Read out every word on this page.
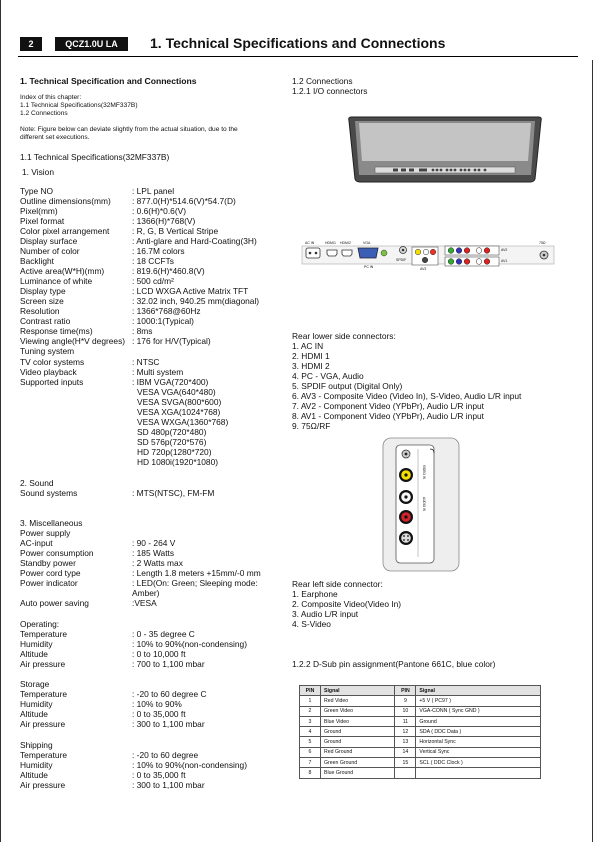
2	QCZ1.0U LA	1. Technical Specifications and Connections
1. Technical Specification and Connections
Index of this chapter:
1.1 Technical Specifications(32MF337B)
1.2 Connections
Note: Figure below can deviate slightly from the actual situation, due to the
different set executions.
1.1 Technical Specifications(32MF337B)
1. Vision
Type NO	: LPL panel
Outline dimensions(mm)	: 877.0(H)*514.6(V)*54.7(D)
Pixel(mm)	: 0.6(H)*0.6(V)
Pixel format	: 1366(H)*768(V)
Color pixel arrangement	: R, G, B Vertical Stripe
Display surface	: Anti-glare and Hard-Coating(3H)
Number of color	: 16.7M colors
Backlight	: 18 CCFTs
Active area(W*H)(mm)	: 819.6(H)*460.8(V)
Luminance of white	: 500 cd/m²
Display type	: LCD WXGA Active Matrix TFT
Screen size	: 32.02 inch, 940.25 mm(diagonal)
Resolution	: 1366*768@60Hz
Contrast ratio	: 1000:1(Typical)
Response time(ms)	: 8ms
Viewing angle(H*V degrees) : 176 for H/V(Typical)
Tuning system
TV color systems	: NTSC
Video playback	: Multi system
Supported inputs	: IBM VGA(720*400)
VESA VGA(640*480)
VESA SVGA(800*600)
VESA XGA(1024*768)
VESA WXGA(1360*768)
SD 480p(720*480)
SD 576p(720*576)
HD 720p(1280*720)
HD 1080i(1920*1080)
2. Sound
Sound systems	: MTS(NTSC), FM-FM
3. Miscellaneous
Power supply
AC-input	: 90 - 264 V
Power consumption	: 185 Watts
Standby power	: 2 Watts max
Power cord type	: Length 1.8 meters +15mm/-0 mm
Power indicator	: LED(On: Green; Sleeping mode:
Amber)
Auto power saving	:VESA
Operating:
Temperature	: 0 - 35 degree C
Humidity	: 10% to 90%(non-condensing)
Altitude	: 0 to 10,000 ft
Air pressure	: 700 to 1,100 mbar
Storage
Temperature	: -20 to 60 degree C
Humidity	: 10% to 90%
Altitude	: 0 to 35,000 ft
Air pressure	: 300 to 1,100 mbar
Shipping
Temperature	: -20 to 60 degree
Humidity	: 10% to 90%(non-condensing)
Altitude	: 0 to 35,000 ft
Air pressure	: 300 to 1,100 mbar
1.2 Connections
1.2.1 I/O connectors
AC IN	HDMI1 HDMI2	VGA
PC IN
SPDIF
AV3
AV2
AV1
75Ω
Rear lower side connectors:
1. AC IN
2. HDMI 1
3. HDMI 2
4. PC - VGA, Audio
5. SPDIF output (Digital Only)
6. AV3 - Composite Video (Video In), S-Video, Audio L/R input
7. AV2 - Component Video (YPbPr), Audio L/R input
8. AV1 - Component Video (YPbPr), Audio L/R input
9. 75Ω/RF
VIDEO IN
AUDIO IN
Rear left side connector:
1. Earphone
2. Composite Video(Video In)
3. Audio L/R input
4. S-Video
1.2.2 D-Sub pin assignment(Pantone 661C, blue color)
PIN	Signal	PIN	Signal
1	Red Video	9	+5 V ( PC97 )
2	Green Video	10	VGA-CONN ( Sync GND )
3	Blue Video	11	Ground
4	Ground	12	SDA ( DDC Data )
5	Ground	13	Horizontal Sync
6	Red Ground	14	Vertical Sync
7	Green Ground	15	SCL ( DDC Clock )
8	Blue Ground		
